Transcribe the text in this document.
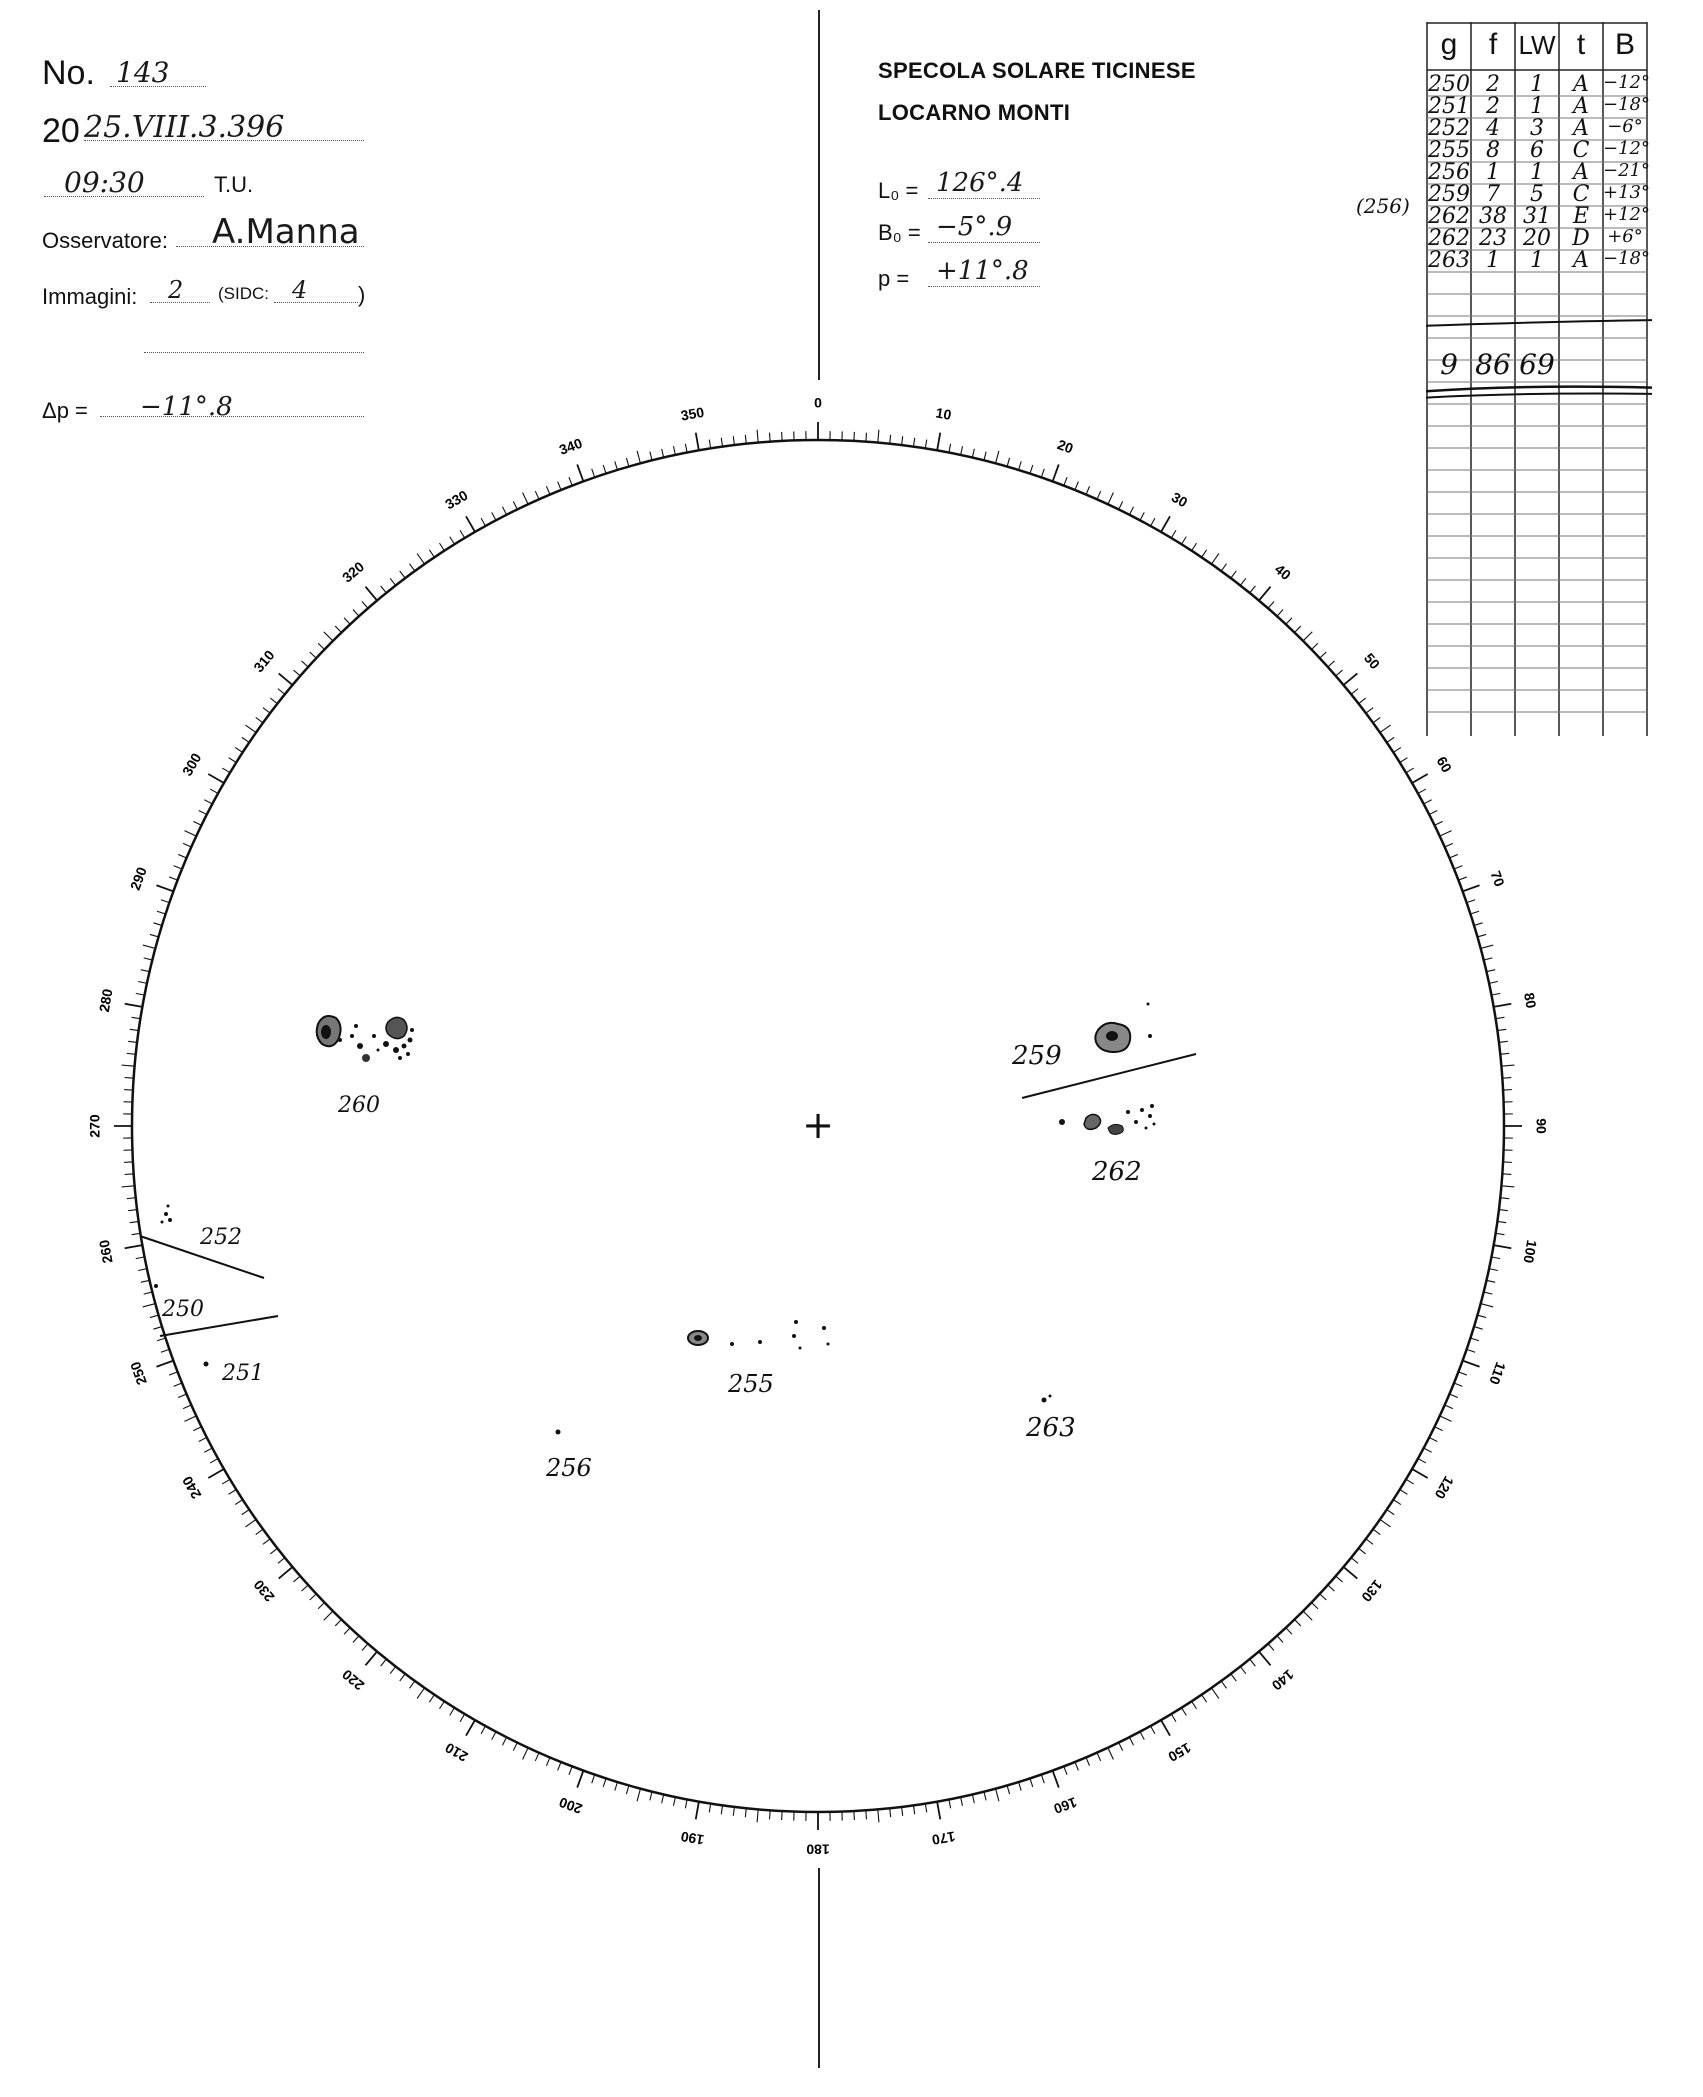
No. 143
20 25.VIII.3.396
09:30	T.U.
Osservatore: A.Manna
Immagini: 2 (SIDC: 4 )
Δp = −11°.8
SPECOLA SOLARE TICINESE
LOCARNO MONTI
L₀ = 126°.4
B₀ = −5°.9
p = +11°.8
g	f LW t B
250 2	1	A −12°
251 2	1	A −18°
252 4	3	A	−6°
255 8	6	C −12°
256 1	1	A −21°
259 7	5	C +13°
262 38 31 E +12°
262 23 20 D +6°
263 1	1	A −18°
9 86 69
(256)
0
10
20
30
40
50
60
70
80
90
100
110
120
130
140
150
160
170
180
190
200
210
220
230
240
250
260
270
280
290
300
310
320
330
340
350
+
259
262
260
252
250
251	255
256
263
